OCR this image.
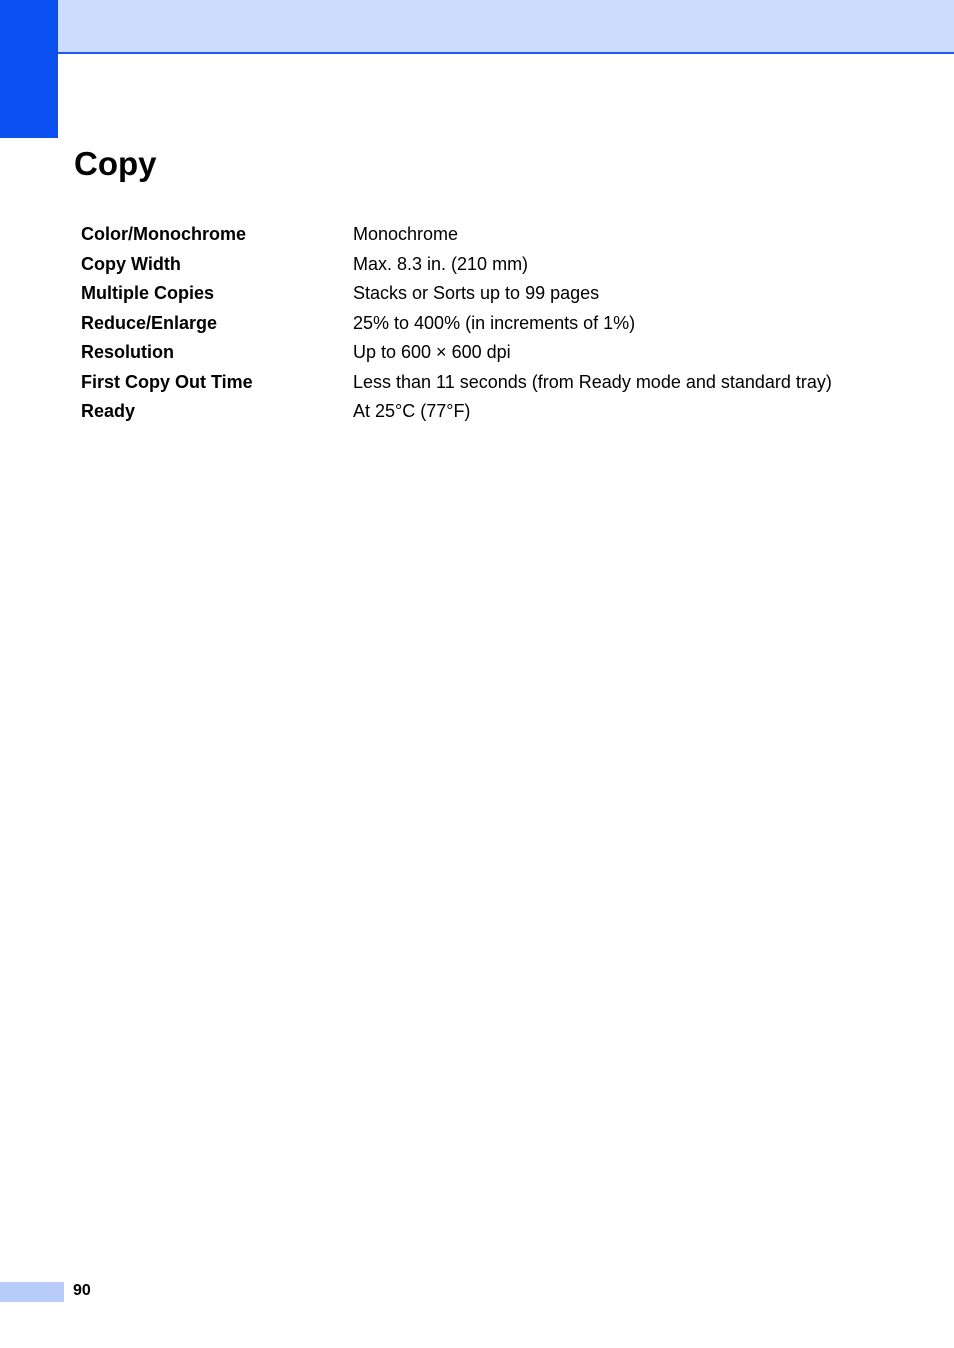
Copy
Color/Monochrome	Monochrome
Copy Width	Max. 8.3 in. (210 mm)
Multiple Copies	Stacks or Sorts up to 99 pages
Reduce/Enlarge	25% to 400% (in increments of 1%)
Resolution	Up to 600 × 600 dpi
First Copy Out Time	Less than 11 seconds (from Ready mode and standard tray)
Ready	At 25°C (77°F)
90
